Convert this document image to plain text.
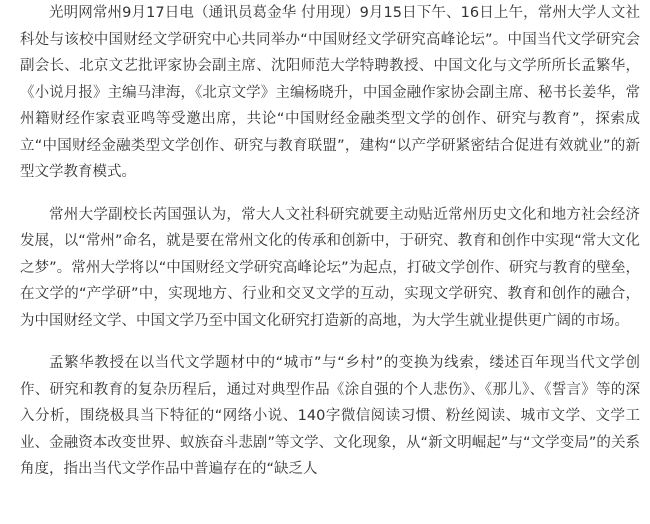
光明网常州9月17日电（通讯员葛金华 付用现）9月15日下午、16日上午，常州大学人文社科处与该校中国财经文学研究中心共同举办“中国财经文学研究高峰论坛”。中国当代文学研究会副会长、北京文艺批评家协会副主席、沈阳师范大学特聘教授、中国文化与文学所所长孟繁华，《小说月报》主编马津海，《北京文学》主编杨晓升，中国金融作家协会副主席、秘书长姜华，常州籍财经作家袁亚鸣等受邀出席，共论“中国财经金融类型文学的创作、研究与教育”，探索成立“中国财经金融类型文学创作、研究与教育联盟”，建构“以产学研紧密结合促进有效就业”的新型文学教育模式。

常州大学副校长芮国强认为，常大人文社科研究就要主动贴近常州历史文化和地方社会经济发展，以“常州”命名，就是要在常州文化的传承和创新中，于研究、教育和创作中实现“常大文化之梦”。常州大学将以“中国财经文学研究高峰论坛”为起点，打破文学创作、研究与教育的壁垒，在文学的“产学研”中，实现地方、行业和交叉文学的互动，实现文学研究、教育和创作的融合，为中国财经文学、中国文学乃至中国文化研究打造新的高地，为大学生就业提供更广阔的市场。

孟繁华教授在以当代文学题材中的“城市”与“乡村”的变换为线索，缕述百年现当代文学创作、研究和教育的复杂历程后，通过对典型作品《涂自强的个人悲伤》、《那儿》、《誓言》等的深入分析，围绕极具当下特征的“网络小说、140字微信阅读习惯、粉丝阅读、城市文学、文学工业、金融资本改变世界、蚁族奋斗悲剧”等文学、文化现象，从“新文明崛起”与“文学变局”的关系角度，指出当代文学作品中普遍存在的“缺乏人
